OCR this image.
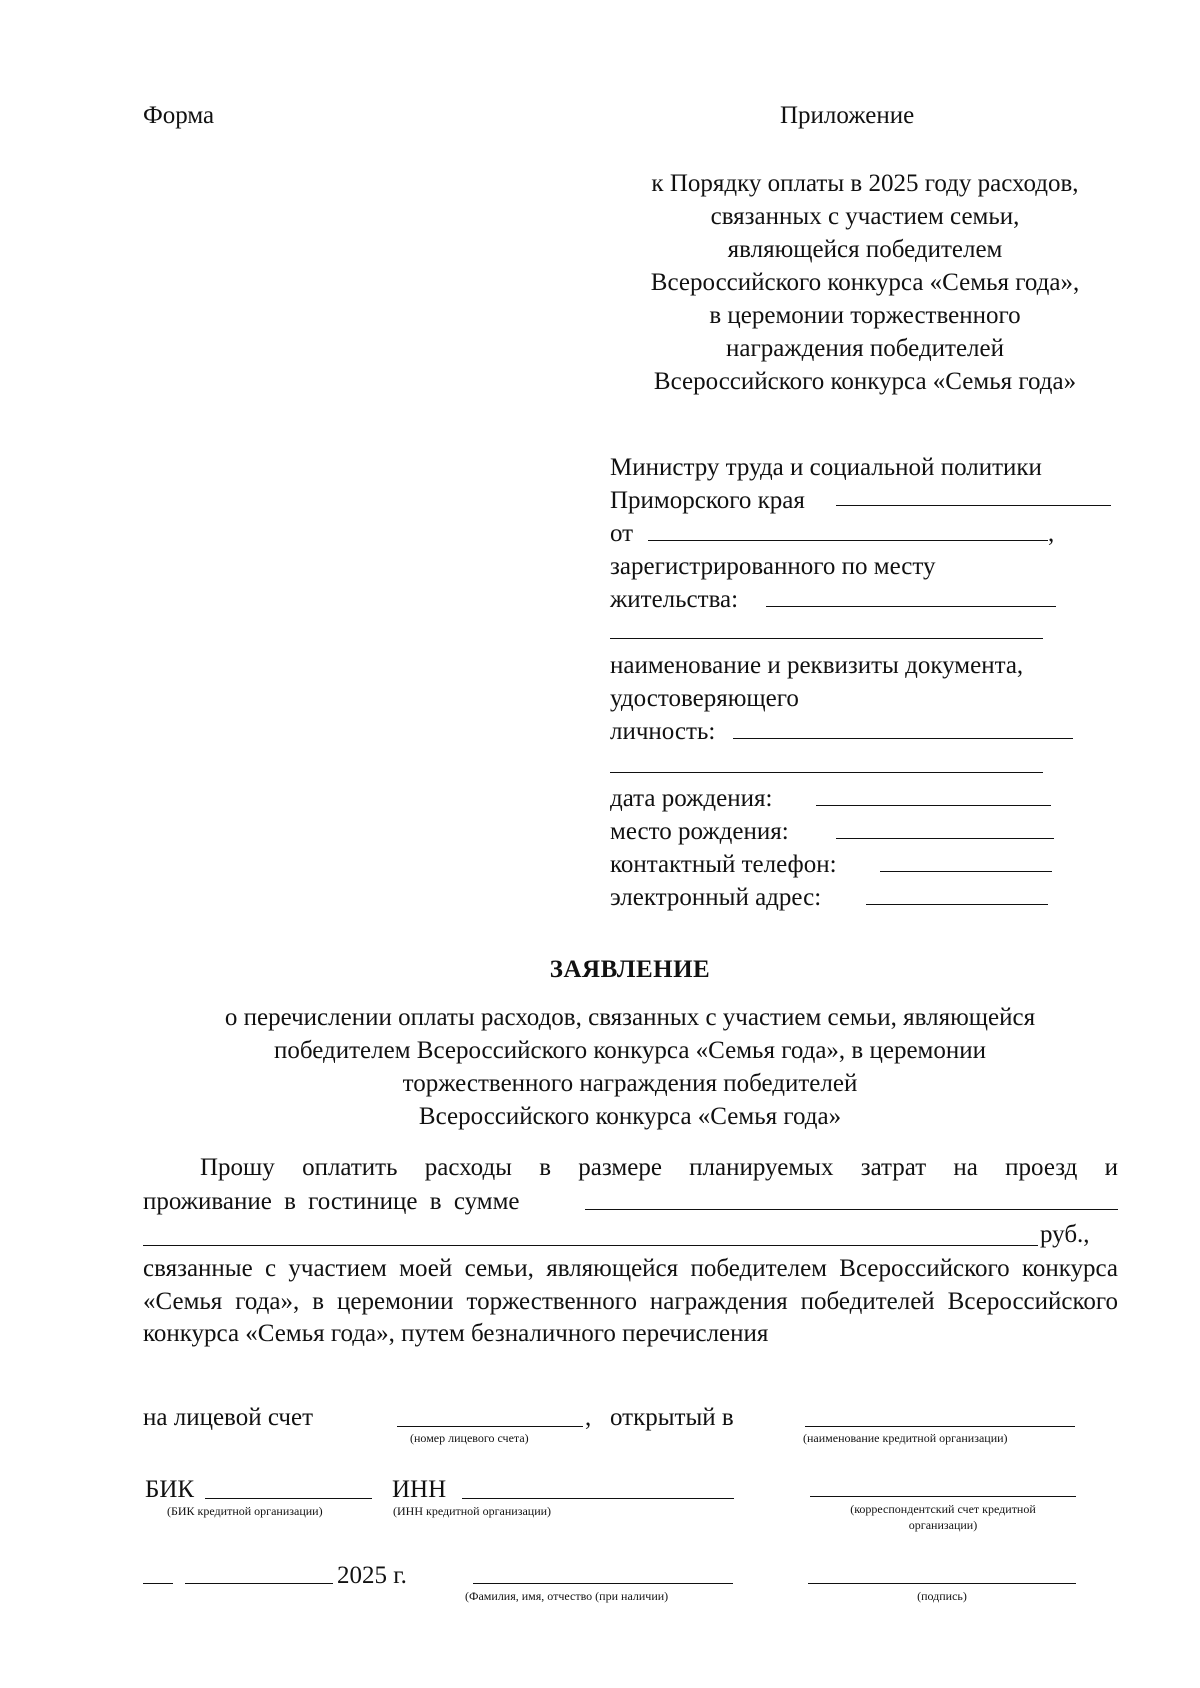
Форма	Приложение
к Порядку оплаты в 2025 году расходов,
связанных с участием семьи,
являющейся победителем
Всероссийского конкурса «Семья года»,
в церемонии торжественного
награждения победителей
Всероссийского конкурса «Семья года»
Министру труда и социальной политики
Приморского края
от	,
зарегистрированного по месту
жительства:
наименование и реквизиты документа,
удостоверяющего
личность:
дата рождения:
место рождения:
контактный телефон:
электронный адрес:
ЗАЯВЛЕНИЕ
о перечислении оплаты расходов, связанных с участием семьи, являющейся
победителем Всероссийского конкурса «Семья года», в церемонии
торжественного награждения победителей
Всероссийского конкурса «Семья года»
Прошу оплатить расходы в размере планируемых затрат на проезд и
проживание в гостинице в сумме
руб.,
связанные с участием моей семьи, являющейся победителем Всероссийского конкурса «Семья года», в церемонии торжественного награждения победителей Всероссийского конкурса «Семья года», путем безналичного перечисления
на лицевой счет	, открытый в
(номер лицевого счета)	(наименование кредитной организации)
БИК	ИНН
(БИК кредитной организации)	(ИНН кредитной организации)	(корреспондентский счет кредитной
организации)
2025 г.
(Фамилия, имя, отчество (при наличии)	(подпись)
